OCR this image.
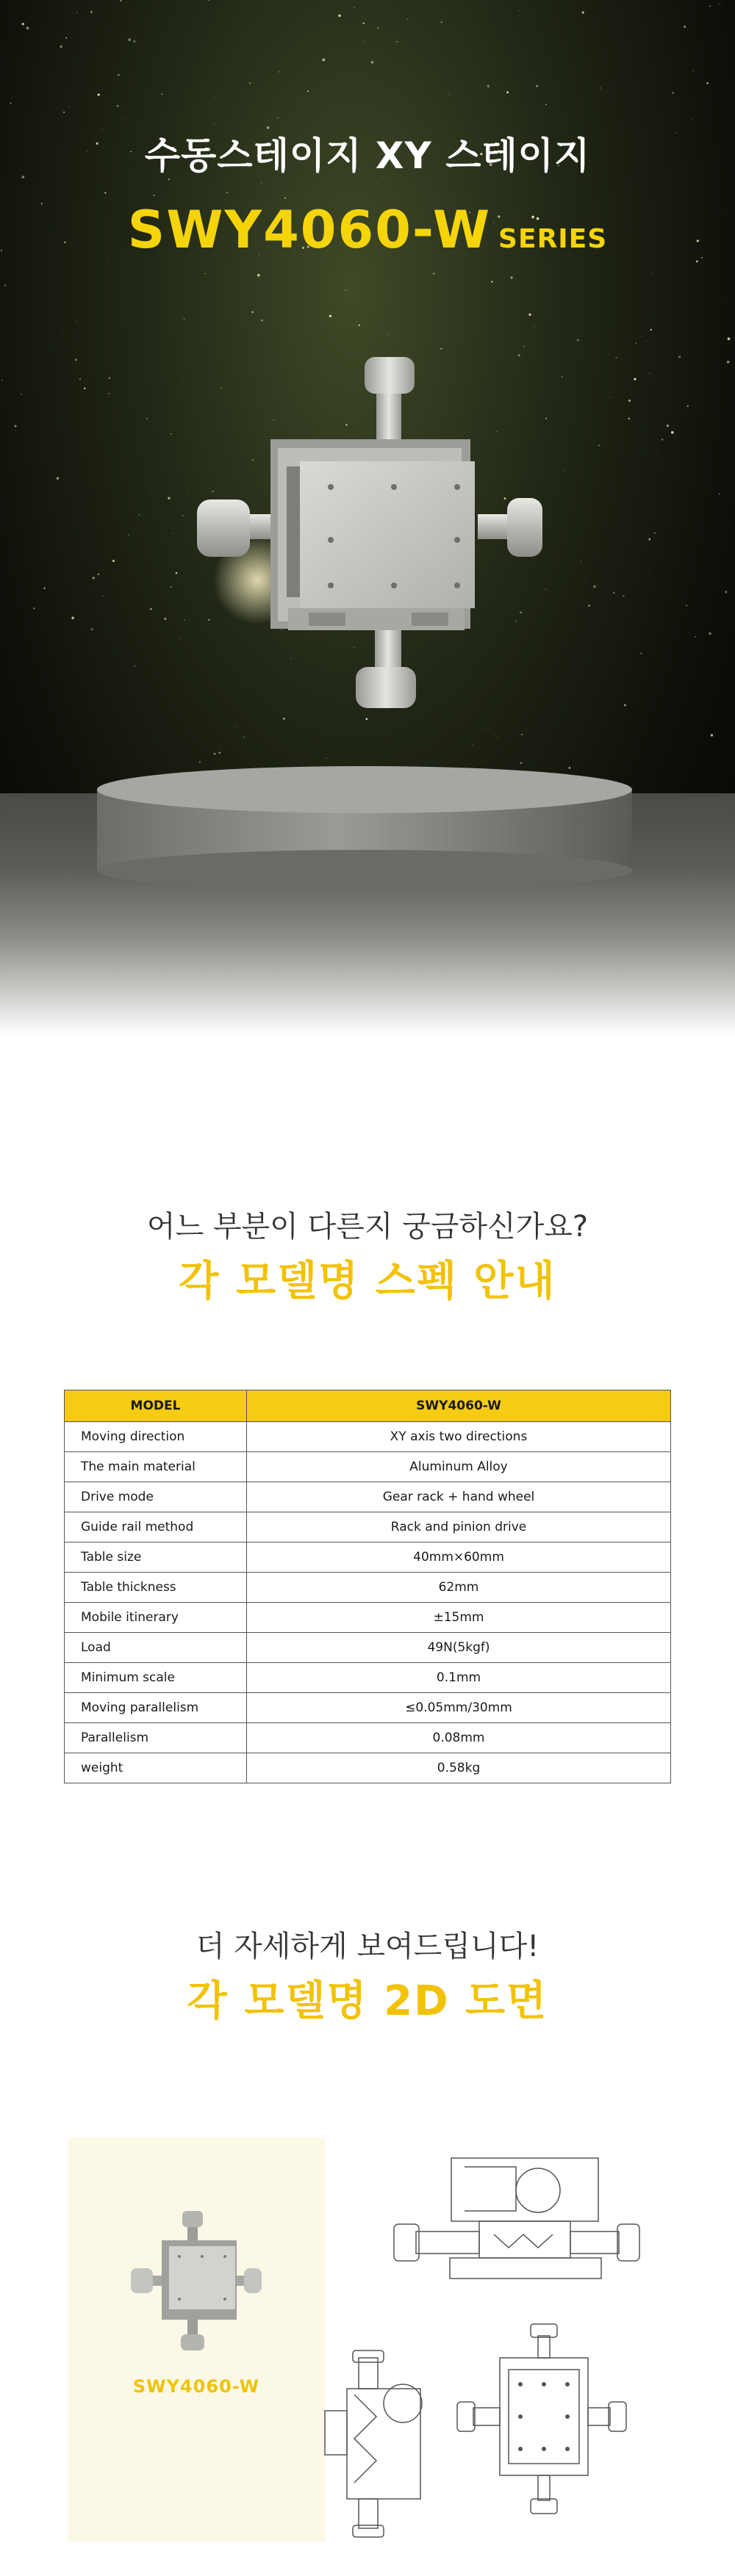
수동스테이지 XY 스테이지
SWY4060-W SERIES
어느 부분이 다른지 궁금하신가요?
각 모델명 스펙 안내
MODEL	SWY4060-W
Moving direction	XY axis two directions
The main material	Aluminum Alloy
Drive mode	Gear rack + hand wheel
Guide rail method	Rack and pinion drive
Table size	40mm×60mm
Table thickness	62mm
Mobile itinerary	±15mm
Load	49N(5kgf)
Minimum scale	0.1mm
Moving parallelism	≤0.05mm/30mm
Parallelism	0.08mm
weight	0.58kg
더 자세하게 보여드립니다!
각 모델명 2D 도면
SWY4060-W
